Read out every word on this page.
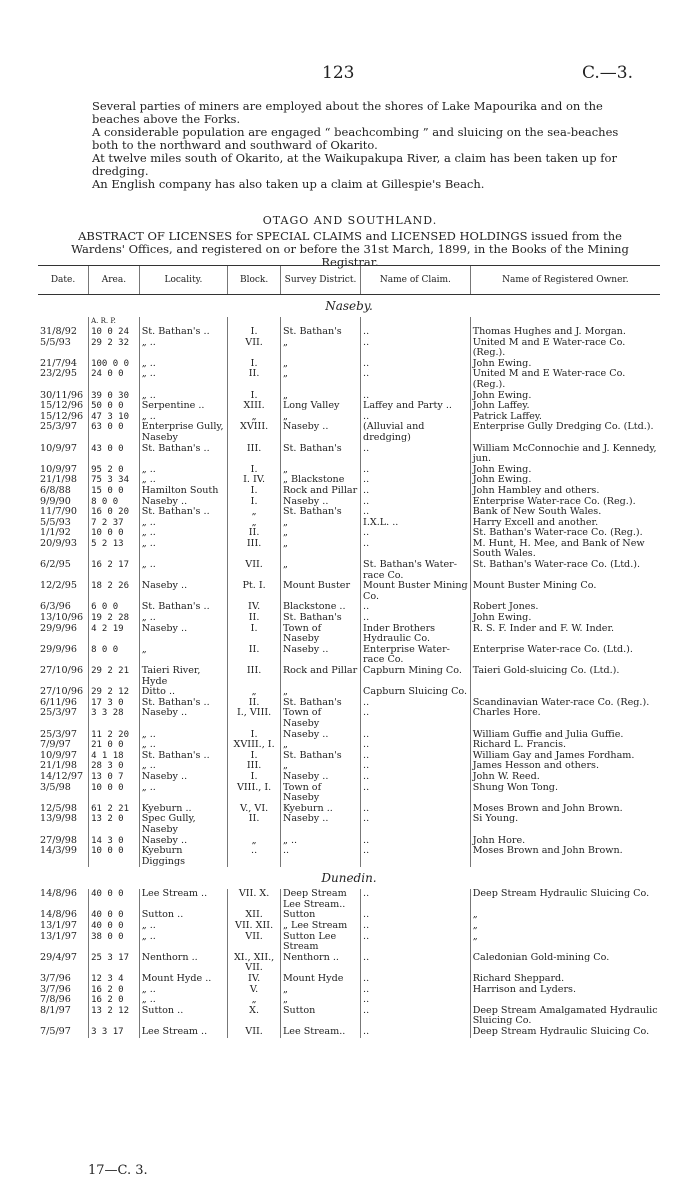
123	C.—3.

Several parties of miners are employed about the shores of Lake Mapourika and on the beaches above the Forks.

A considerable population are engaged “ beachcombing ” and sluicing on the sea-beaches both to the northward and southward of Okarito.

At twelve miles south of Okarito, at the Waikupakupa River, a claim has been taken up for dredging.

An English company has also taken up a claim at Gillespie's Beach.

OTAGO AND SOUTHLAND.
ABSTRACT OF LICENSES for SPECIAL CLAIMS and LICENSED HOLDINGS issued from the Wardens' Offices, and registered on or before the 31st March, 1899, in the Books of the Mining Registrar.
Date.	Area.	Locality.	Block.	Survey District.	Name of Claim.	Name of Registered Owner.
Naseby.						
	A. R. P.					
31/8/92	10 0 24	St. Bathan's ..	I.	St. Bathan's	..	Thomas Hughes and J. Morgan.
5/5/93	29 2 32	„ ..	VII.	„	..	United M and E Water-race Co. (Reg.).
21/7/94	100 0 0	„ ..	I.	„	..	John Ewing.
23/2/95	24 0 0	„ ..	II.	„	..	United M and E Water-race Co. (Reg.).
30/11/96	39 0 30	„ ..	I.	„	..	John Ewing.
15/12/96	50 0 0	Serpentine ..	XIII.	Long Valley	Laffey and Party ..	John Laffey.
15/12/96	47 3 10	„ ..	„	„	..	Patrick Laffey.
25/3/97	63 0 0	Enterprise Gully, Naseby	XVIII.	Naseby ..	(Alluvial and dredging)	Enterprise Gully Dredging Co. (Ltd.).
10/9/97	43 0 0	St. Bathan's ..	III.	St. Bathan's	..	William McConnochie and J. Kennedy, jun.
10/9/97	95 2 0	„ ..	I.	„	..	John Ewing.
21/1/98	75 3 34	„ ..	I. IV.	„ Blackstone	..	John Ewing.
6/8/88	15 0 0	Hamilton South	I.	Rock and Pillar	..	John Hambley and others.
9/9/90	8 0 0	Naseby ..	I.	Naseby ..	..	Enterprise Water-race Co. (Reg.).
11/7/90	16 0 20	St. Bathan's ..	„	St. Bathan's	..	Bank of New South Wales.
5/5/93	7 2 37	„ ..	„	„	I.X.L. ..	Harry Excell and another.
1/1/92	10 0 0	„ ..	II.	„	..	St. Bathan's Water-race Co. (Reg.).
20/9/93	5 2 13	„ ..	III.	„	..	M. Hunt, H. Mee, and Bank of New South Wales.
6/2/95	16 2 17	„ ..	VII.	„	St. Bathan's Water-race Co.	St. Bathan's Water-race Co. (Ltd.).
12/2/95	18 2 26	Naseby ..	Pt. I.	Mount Buster	Mount Buster Mining Co.	Mount Buster Mining Co.
6/3/96	6 0 0	St. Bathan's ..	IV.	Blackstone ..	..	Robert Jones.
13/10/96	19 2 28	„ ..	II.	St. Bathan's	..	John Ewing.
29/9/96	4 2 19	Naseby ..	I.	Town of Naseby	Inder Brothers Hydraulic Co.	R. S. F. Inder and F. W. Inder.
29/9/96	8 0 0	„	II.	Naseby ..	Enterprise Water-race Co.	Enterprise Water-race Co. (Ltd.).
27/10/96	29 2 21	Taieri River, Hyde	III.	Rock and Pillar	Capburn Mining Co.	Taieri Gold-sluicing Co. (Ltd.).
27/10/96	29 2 12	Ditto ..	„	„	Capburn Sluicing Co.	
6/11/96	17 3 0	St. Bathan's ..	II.	St. Bathan's	..	Scandinavian Water-race Co. (Reg.).
25/3/97	3 3 28	Naseby ..	I., VIII.	Town of Naseby	..	Charles Hore.
25/3/97	11 2 20	„ ..	I.	Naseby ..	..	William Guffie and Julia Guffie.
7/9/97	21 0 0	„ ..	XVIII., I.	„	..	Richard L. Francis.
10/9/97	4 1 18	St. Bathan's ..	I.	St. Bathan's	..	William Gay and James Fordham.
21/1/98	28 3 0	„ ..	III.	„	..	James Hesson and others.
14/12/97	13 0 7	Naseby ..	I.	Naseby ..	..	John W. Reed.
3/5/98	10 0 0	„ ..	VIII., I.	Town of Naseby	..	Shung Won Tong.
12/5/98	61 2 21	Kyeburn ..	V., VI.	Kyeburn ..	..	Moses Brown and John Brown.
13/9/98	13 2 0	Spec Gully, Naseby	II.	Naseby ..	..	Si Young.
27/9/98	14 3 0	Naseby ..	„	„ ..	..	John Hore.
14/3/99	10 0 0	Kyeburn Diggings	..	..	..	Moses Brown and John Brown.
Dunedin.						
14/8/96	40 0 0	Lee Stream ..	VII. X.	Deep Stream Lee Stream..	..	Deep Stream Hydraulic Sluicing Co.
14/8/96	40 0 0	Sutton ..	XII.	Sutton	..	„
13/1/97	40 0 0	„ ..	VII. XII.	„ Lee Stream	..	„
13/1/97	38 0 0	„ ..	VII.	Sutton Lee Stream	..	„
29/4/97	25 3 17	Nenthorn ..	XI., XII., VII.	Nenthorn ..	..	Caledonian Gold-mining Co.
3/7/96	12 3 4	Mount Hyde ..	IV.	Mount Hyde	..	Richard Sheppard.
3/7/96	16 2 0	„ ..	V.	„	..	Harrison and Lyders.
7/8/96	16 2 0	„ ..	„	„	..	
8/1/97	13 2 12	Sutton ..	X.	Sutton	..	Deep Stream Amalgamated Hydraulic Sluicing Co.
7/5/97	3 3 17	Lee Stream ..	VII.	Lee Stream..	..	Deep Stream Hydraulic Sluicing Co.
17—C. 3.
